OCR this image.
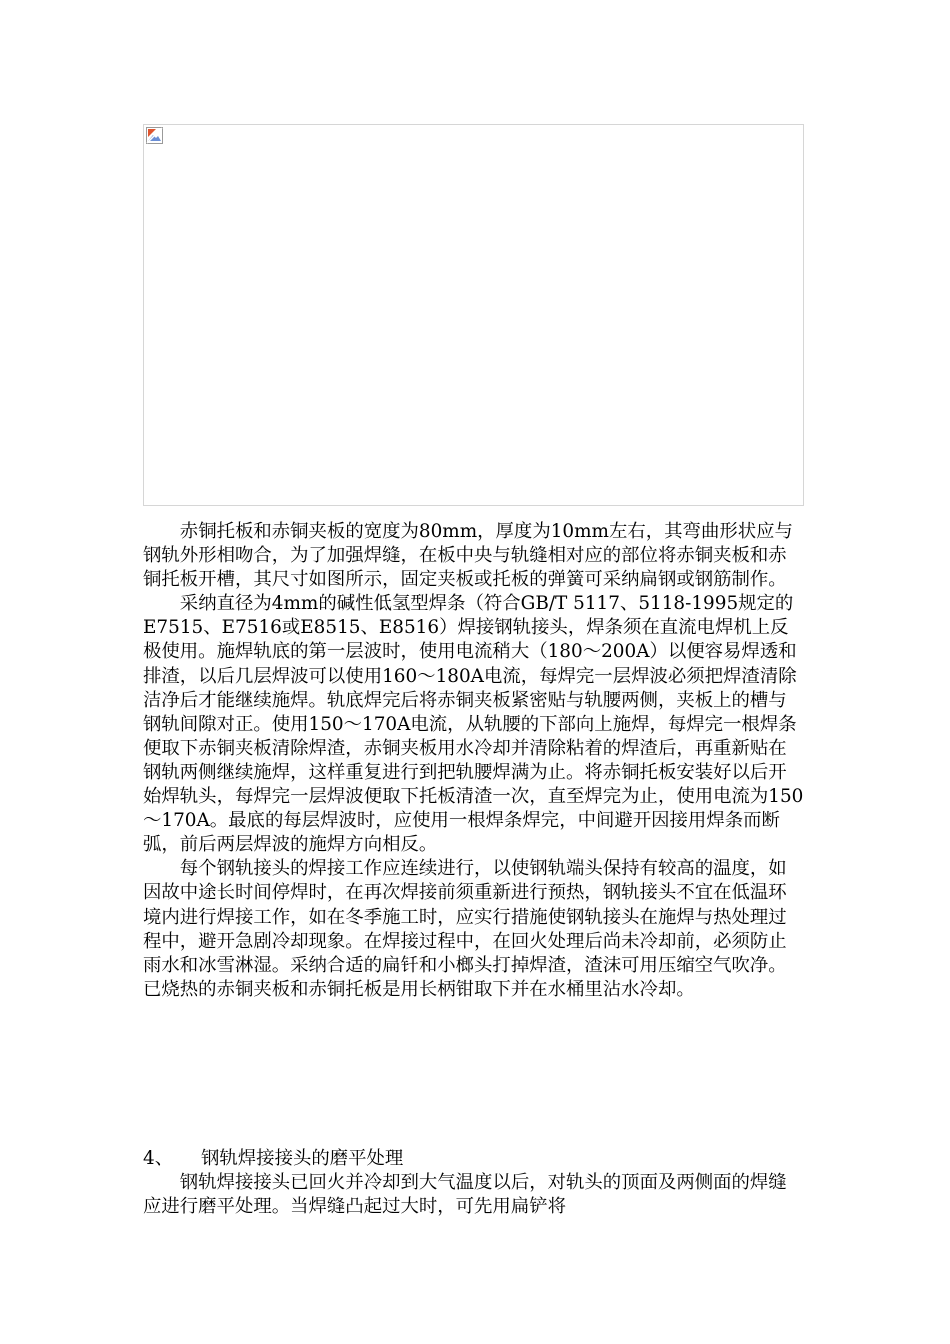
赤铜托板和赤铜夹板的宽度为80mm，厚度为10mm左右，其弯曲形状应与钢轨外形相吻合，为了加强焊缝，在板中央与轨缝相对应的部位将赤铜夹板和赤铜托板开槽，其尺寸如图所示，固定夹板或托板的弹簧可采纳扁钢或钢筋制作。

采纳直径为4mm的碱性低氢型焊条（符合GB/T 5117、5118-1995规定的E7515、E7516或E8515、E8516）焊接钢轨接头，焊条须在直流电焊机上反极使用。施焊轨底的第一层波时，使用电流稍大（180～200A）以便容易焊透和排渣，以后几层焊波可以使用160～180A电流，每焊完一层焊波必须把焊渣清除洁净后才能继续施焊。轨底焊完后将赤铜夹板紧密贴与轨腰两侧，夹板上的槽与钢轨间隙对正。使用150～170A电流，从轨腰的下部向上施焊，每焊完一根焊条便取下赤铜夹板清除焊渣，赤铜夹板用水冷却并清除粘着的焊渣后，再重新贴在钢轨两侧继续施焊，这样重复进行到把轨腰焊满为止。将赤铜托板安装好以后开始焊轨头，每焊完一层焊波便取下托板清渣一次，直至焊完为止，使用电流为150～170A。最底的每层焊波时，应使用一根焊条焊完，中间避开因接用焊条而断弧，前后两层焊波的施焊方向相反。

每个钢轨接头的焊接工作应连续进行，以使钢轨端头保持有较高的温度，如因故中途长时间停焊时，在再次焊接前须重新进行预热，钢轨接头不宜在低温环境内进行焊接工作，如在冬季施工时，应实行措施使钢轨接头在施焊与热处理过程中，避开急剧冷却现象。在焊接过程中，在回火处理后尚未冷却前，必须防止雨水和冰雪淋湿。采纳合适的扁钎和小榔头打掉焊渣，渣沫可用压缩空气吹净。已烧热的赤铜夹板和赤铜托板是用长柄钳取下并在水桶里沾水冷却。

4、 钢轨焊接接头的磨平处理

钢轨焊接接头已回火并冷却到大气温度以后，对轨头的顶面及两侧面的焊缝应进行磨平处理。当焊缝凸起过大时，可先用扁铲将
